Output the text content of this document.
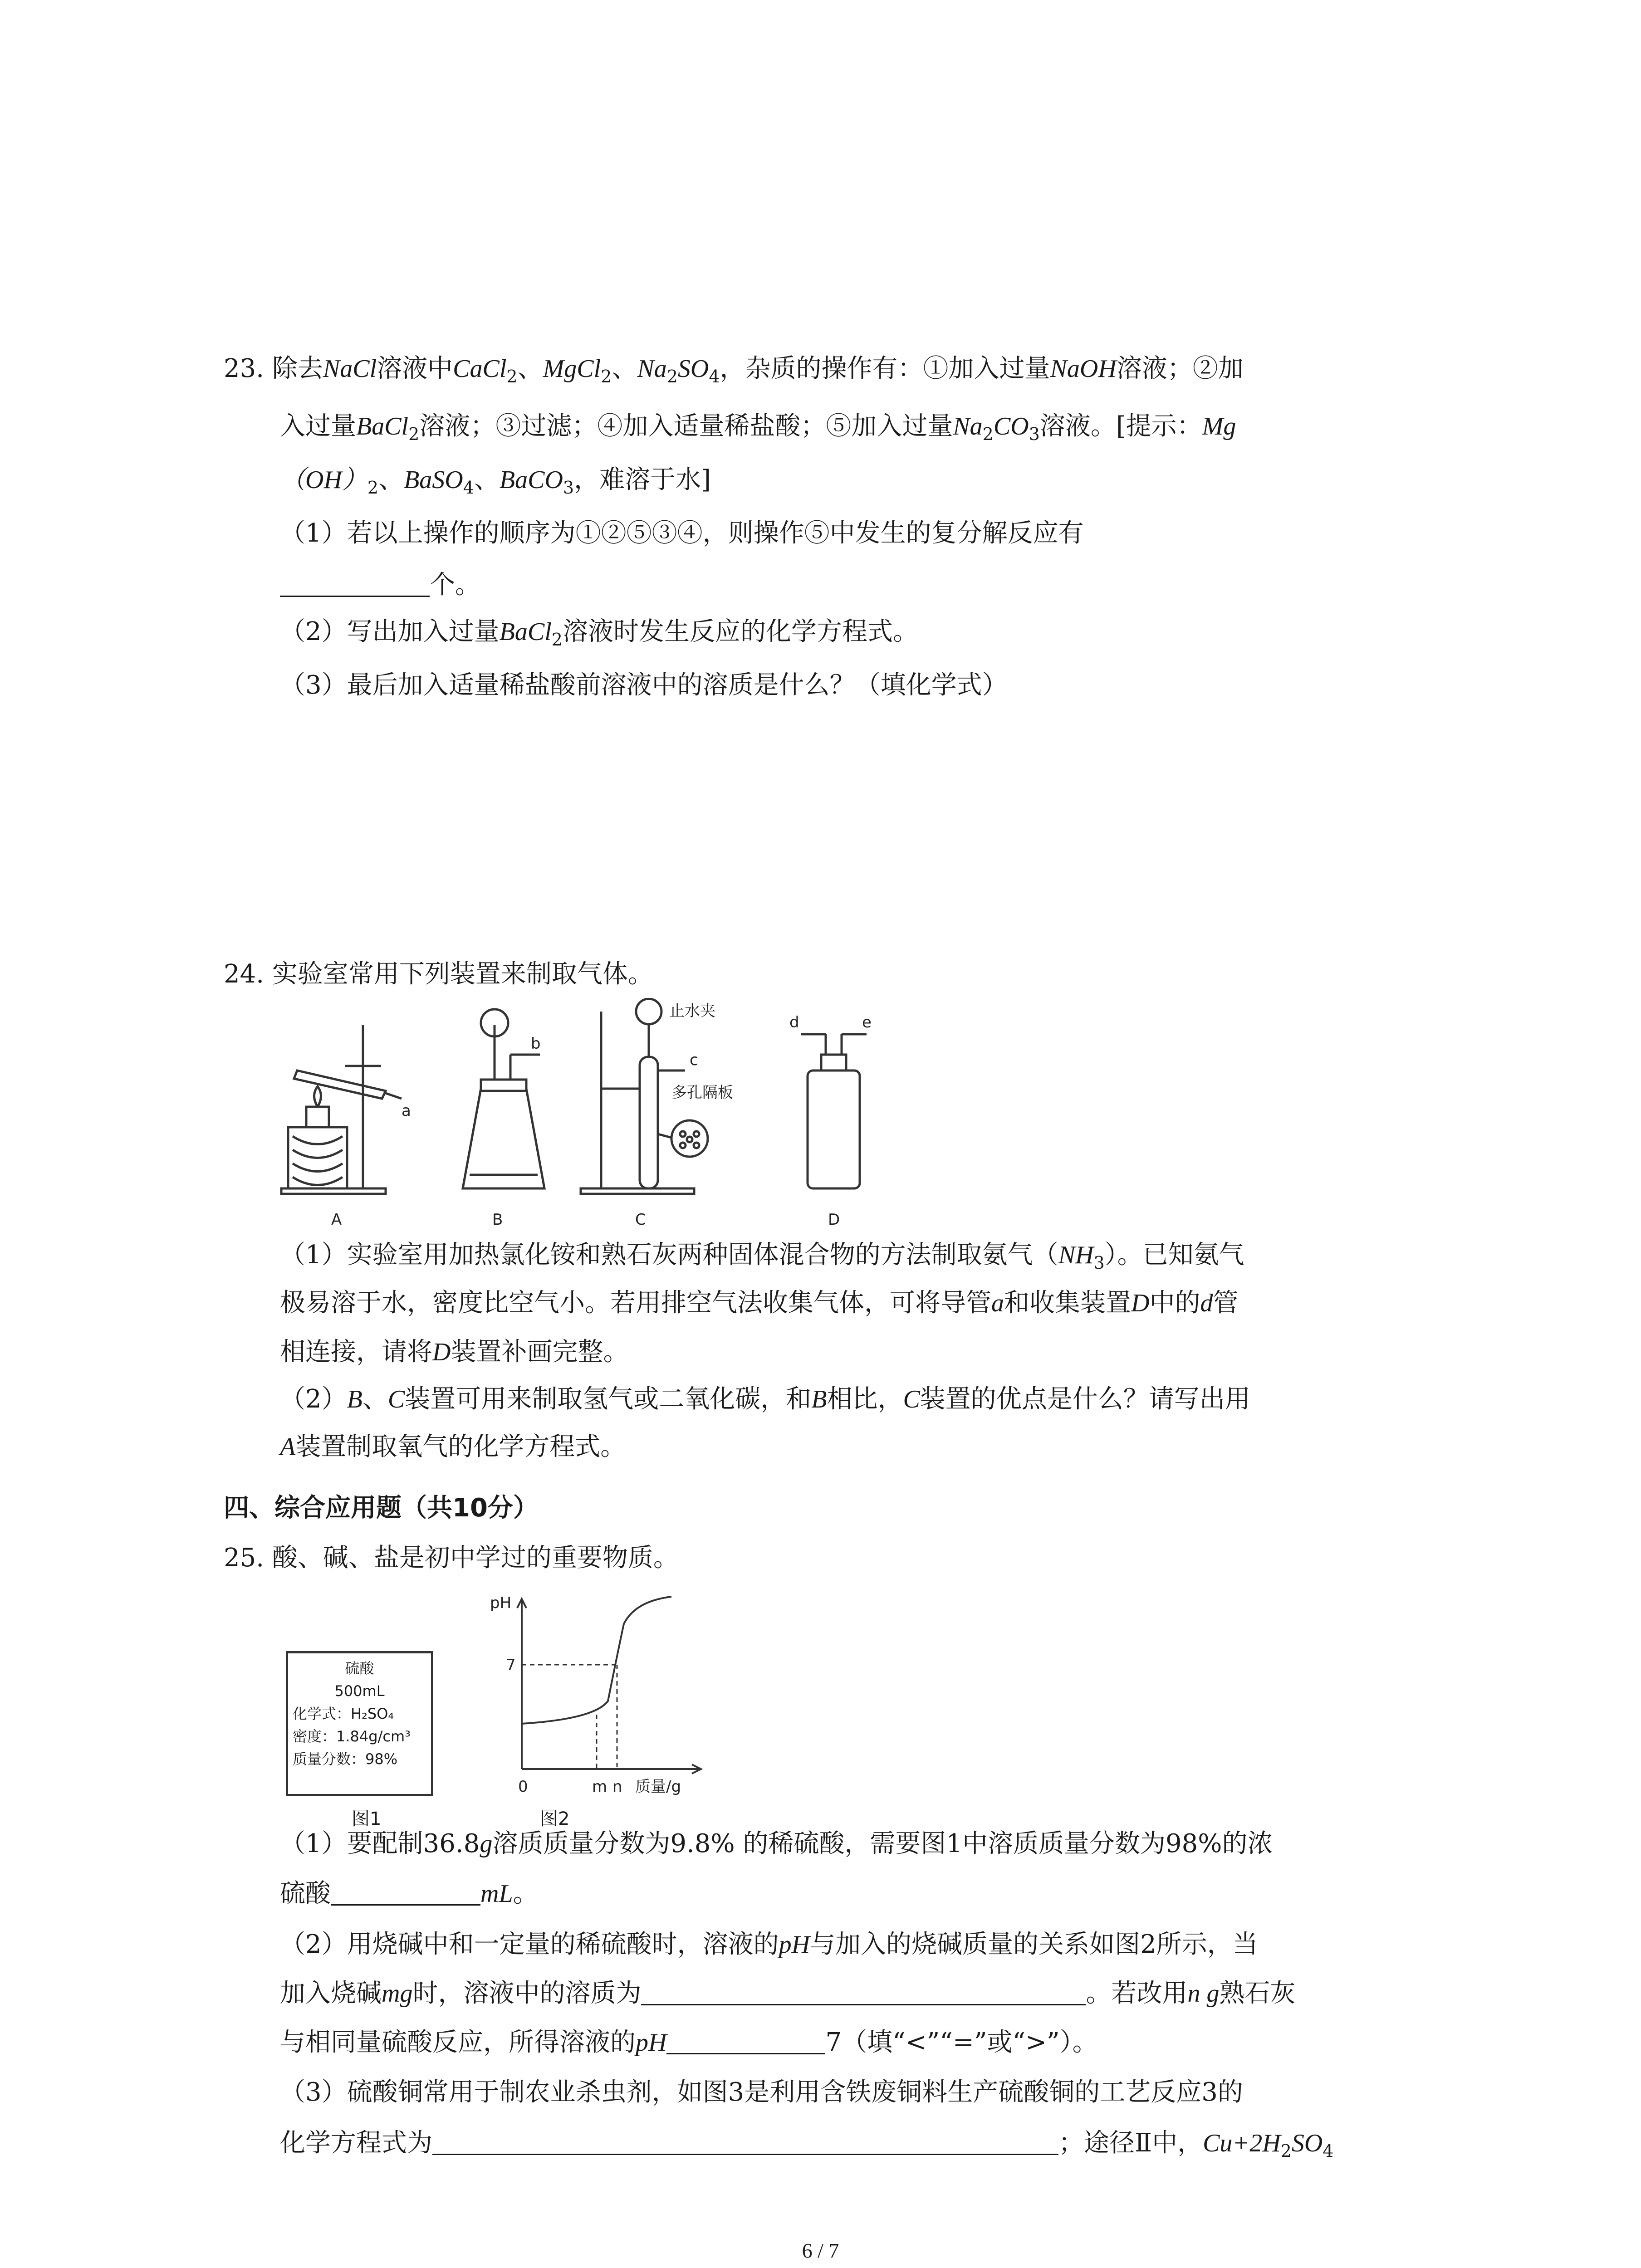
23. 除去NaCl溶液中CaCl$_2$、MgCl$_2$、$Na_2SO_4$，杂质的操作有：①加入过量NaOH溶液；②加
入过量BaCl$_2$溶液；③过滤；④加入适量稀盐酸；⑤加入过量$Na_2CO_3$溶液。[提示：Mg
$(OH)_2$、BaSO$_4$、BaCO$_3$，难溶于水]
（1）若以上操作的顺序为①②⑤③④，则操作⑤中发生的复分解反应有
个。
（2）写出加入过量BaCl$_2$溶液时发生反应的化学方程式。
（3）最后加入适量稀盐酸前溶液中的溶质是什么？（填化学式）
24. 实验室常用下列装置来制取气体。
A	B	C	D
a
b
c
d	e
止水夹
多孔隔板
（1）实验室用加热氯化铵和熟石灰两种固体混合物的方法制取氨气$(NH_3)$。已知氨气
极易溶于水，密度比空气小。若用排空气法收集气体，可将导管a和收集装置D中的d管
相连接，请将D装置补画完整。
（2）B、C装置可用来制取氢气或二氧化碳，和B相比，C装置的优点是什么？请写出用
A装置制取氧气的化学方程式。
四、综合应用题（共10分）
25. 酸、碱、盐是初中学过的重要物质。
硫酸
500mL
化学式：H₂SO₄
密度：1.84g/cm³
质量分数：98%
图1
pH
7
0	m n 质量/g
图2
（1）要配制36.8g溶质质量分数为9.8% 的稀硫酸，需要图1中溶质质量分数为98%的浓
硫酸	mL。
（2）用烧碱中和一定量的稀硫酸时，溶液的pH与加入的烧碱质量的关系如图2所示，当
加入烧碱mg时，溶液中的溶质为	。若改用n g熟石灰
与相同量硫酸反应，所得溶液的pH	7（填“<”“=”或“>”）。
（3）硫酸铜常用于制农业杀虫剂，如图3是利用含铁废铜料生产硫酸铜的工艺反应3的
化学方程式为	；途径Ⅱ中，$Cu+2H_2SO_4$
6 / 7
